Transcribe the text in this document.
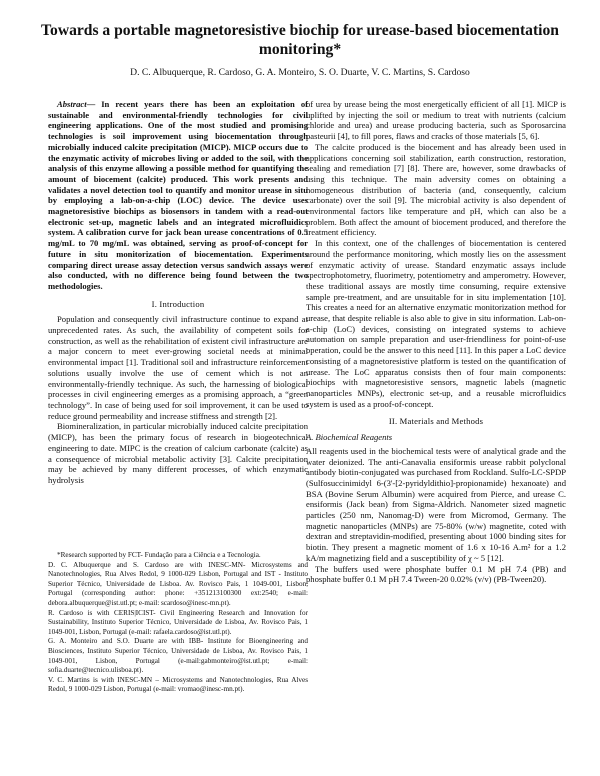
Towards a portable magnetoresistive biochip for urease-based biocementation monitoring*
D. C. Albuquerque, R. Cardoso, G. A. Monteiro, S. O. Duarte, V. C. Martins, S. Cardoso

Abstract— In recent years there has been an exploitation of sustainable and environmental-friendly technologies for civil engineering applications. One of the most studied and promising technologies is soil improvement using biocementation through microbially induced calcite precipitation (MICP). MICP occurs due to the enzymatic activity of microbes living or added to the soil, with the analysis of this enzyme allowing a possible method for quantifying the amount of biocement (calcite) produced. This work presents and validates a novel detection tool to quantify and monitor urease in situ by employing a lab-on-a-chip (LOC) device. The device uses magnetoresistive biochips as biosensors in tandem with a read-out electronic set-up, magnetic labels and an integrated microfluidics system. A calibration curve for jack bean urease concentrations of 0.5 mg/mL to 70 mg/mL was obtained, serving as proof-of-concept for future in situ monitorization of biocementation. Experiments comparing direct urease assay detection versus sandwich assays were also conducted, with no difference being found between the two methodologies.

I. Introduction

Population and consequently civil infrastructure continue to expand at unprecedented rates. As such, the availability of competent soils for construction, as well as the rehabilitation of existent civil infrastructure are a major concern to meet ever-growing societal needs at minimal environmental impact [1]. Traditional soil and infrastructure reinforcement solutions usually involve the use of cement which is not an environmentally-friendly technique. As such, the harnessing of biological processes in civil engineering emerges as a promising approach, a “green technology”. In case of being used for soil improvement, it can be used to reduce ground permeability and increase stiffness and strength [2].

Biomineralization, in particular microbially induced calcite precipitation (MICP), has been the primary focus of research in biogeotechnical engineering to date. MIPC is the creation of calcium carbonate (calcite) as a consequence of microbial metabolic activity [3]. Calcite precipitation may be achieved by many different processes, of which enzymatic hydrolysis

*Research supported by FCT- Fundação para a Ciência e a Tecnologia.

D. C. Albuquerque and S. Cardoso are with INESC-MN- Microsystems and Nanotechnologies, Rua Alves Redol, 9 1000-029 Lisbon, Portugal and IST - Instituto Superior Técnico, Universidade de Lisboa. Av. Rovisco Pais, 1 1049-001, Lisbon, Portugal (corresponding author: phone: +351213100300 ext:2540; e-mail: debora.albuquerque@ist.utl.pt; e-mail: scardoso@inesc-mn.pt).

R. Cardoso is with CERIS|ICIST- Civil Engineering Research and Innovation for Sustainability, Instituto Superior Técnico, Universidade de Lisboa, Av. Rovisco Pais, 1 1049-001, Lisbon, Portugal (e-mail: rafaela.cardoso@ist.utl.pt).

G. A. Monteiro and S.O. Duarte are with IBB- Institute for Bioengineering and Biosciences, Instituto Superior Técnico, Universidade de Lisboa, Av. Rovisco Pais, 1 1049-001, Lisbon, Portugal (e-mail:gabmonteiro@ist.utl.pt; e-mail: sofia.duarte@tecnico.ulisboa.pt).

V. C. Martins is with INESC-MN – Microsystems and Nanotechnologies, Rua Alves Redol, 9 1000-029 Lisbon, Portugal (e-mail: vromao@inesc-mn.pt).

of urea by urease being the most energetically efficient of all [1]. MICP is uplifted by injecting the soil or medium to treat with nutrients (calcium chloride and urea) and urease producing bacteria, such as Sporosarcina pasteurii [4], to fill pores, flaws and cracks of those materials [5, 6].

The calcite produced is the biocement and has already been used in applications concerning soil stabilization, earth construction, restoration, sealing and remediation [7] [8]. There are, however, some drawbacks of using this technique. The main adversity comes on obtaining a homogeneous distribution of bacteria (and, consequently, calcium carbonate) over the soil [9]. The microbial activity is also dependent of environmental factors like temperature and pH, which can also be a problem. Both affect the amount of biocement produced, and therefore the treatment efficiency.

In this context, one of the challenges of biocementation is centered around the performance monitoring, which mostly lies on the assessment of enzymatic activity of urease. Standard enzymatic assays include spectrophotometry, fluorimetry, potentiometry and amperometry. However, these traditional assays are mostly time consuming, require extensive sample pre-treatment, and are unsuitable for in situ implementation [10]. This creates a need for an alternative enzymatic monitorization method for urease, that despite reliable is also able to give in situ information. Lab-on-a-chip (LoC) devices, consisting on integrated systems to achieve automation on sample preparation and user-friendliness for point-of-use operation, could be the answer to this need [11]. In this paper a LoC device consisting of a magnetoresistive platform is tested on the quantification of urease. The LoC apparatus consists then of four main components: biochips with magnetoresistive sensors, magnetic labels (magnetic nanoparticles MNPs), electronic set-up, and a reusable microfluidics system is used as a proof-of-concept.

II. Materials and Methods
A. Biochemical Reagents

All reagents used in the biochemical tests were of analytical grade and the water deionized. The anti-Canavalia ensiformis urease rabbit polyclonal antibody biotin-conjugated was purchased from Rockland. Sulfo-LC-SPDP (Sulfosuccinimidyl 6-(3'-[2-pyridyldithio]-propionamide) hexanoate) and BSA (Bovine Serum Albumin) were acquired from Pierce, and urease C. ensiformis (Jack bean) from Sigma-Aldrich. Nanometer sized magnetic particles (250 nm, Nanomag-D) were from Micromod, Germany. The magnetic nanoparticles (MNPs) are 75-80% (w/w) magnetite, coted with dextran and streptavidin-modified, presenting about 1000 binding sites for biotin. They present a magnetic moment of 1.6 x 10-16 A.m² for a 1.2 kA/m magnetizing field and a susceptibility of χ ~ 5 [12].

The buffers used were phosphate buffer 0.1 M pH 7.4 (PB) and phosphate buffer 0.1 M pH 7.4 Tween-20 0.02% (v/v) (PB-Tween20).
